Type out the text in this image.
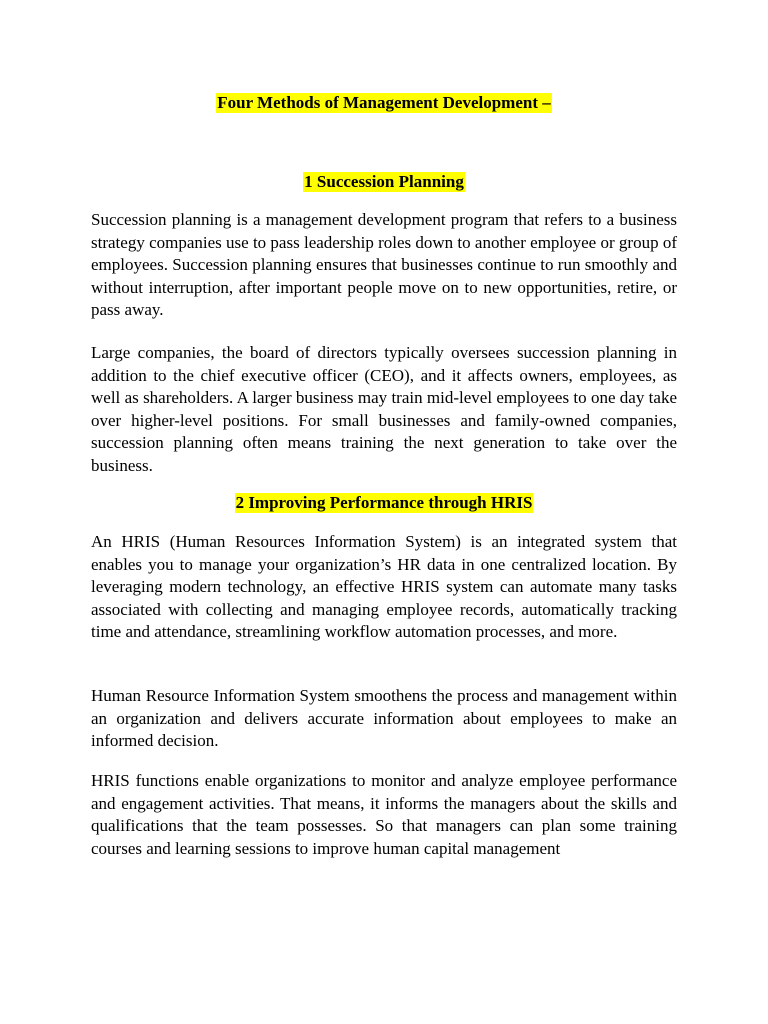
Four Methods of Management Development –
1 Succession Planning

Succession planning is a management development program that refers to a business strategy companies use to pass leadership roles down to another employee or group of employees. Succession planning ensures that businesses continue to run smoothly and without interruption, after important people move on to new opportunities, retire, or pass away.

Large companies, the board of directors typically oversees succession planning in addition to the chief executive officer (CEO), and it affects owners, employees, as well as shareholders. A larger business may train mid-level employees to one day take over higher-level positions. For small businesses and family-owned companies, succession planning often means training the next generation to take over the business.

2 Improving Performance through HRIS

An HRIS (Human Resources Information System) is an integrated system that enables you to manage your organization’s HR data in one centralized location. By leveraging modern technology, an effective HRIS system can automate many tasks associated with collecting and managing employee records, automatically tracking time and attendance, streamlining workflow automation processes, and more.

Human Resource Information System smoothens the process and management within an organization and delivers accurate information about employees to make an informed decision.

HRIS functions enable organizations to monitor and analyze employee performance and engagement activities. That means, it informs the managers about the skills and qualifications that the team possesses. So that managers can plan some training courses and learning sessions to improve human capital management
